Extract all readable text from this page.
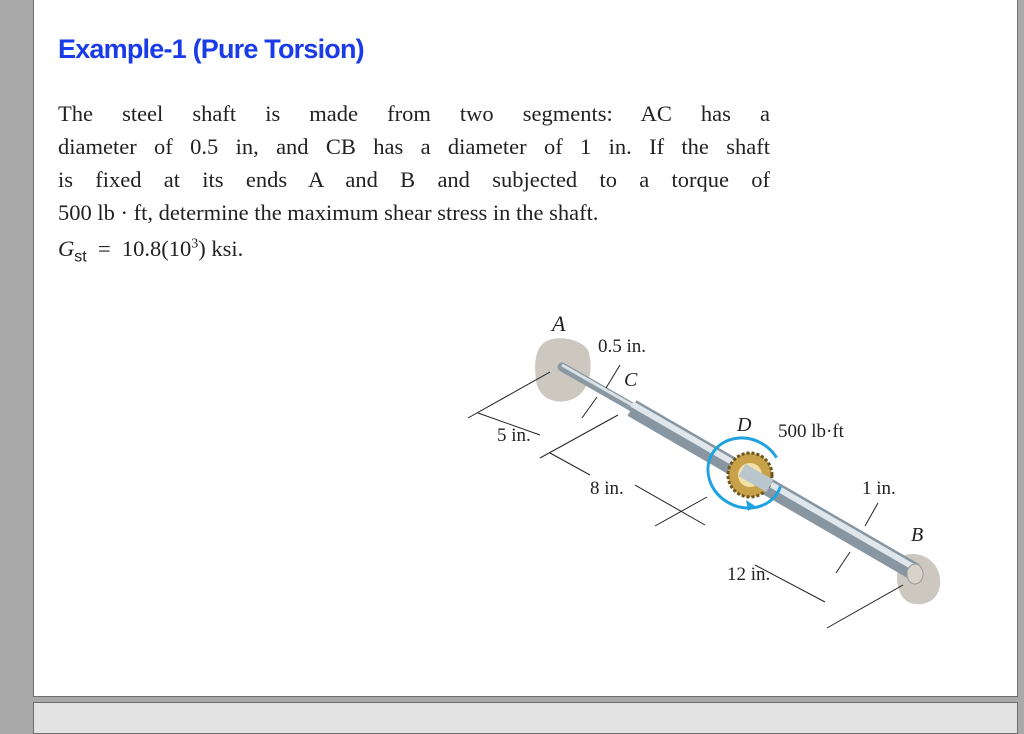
Example-1 (Pure Torsion)
The steel shaft is made from two segments: AC has a
diameter of 0.5 in, and CB has a diameter of 1 in. If the shaft
is fixed at its ends A and B and subjected to a torque of
500 lb · ft, determine the maximum shear stress in the shaft.
$G_{st} = 10.8(10^3)$ ksi.
A
0.5 in.
C
5 in.	D 500 lb·ft
8 in.	1 in.
B
12 in.
